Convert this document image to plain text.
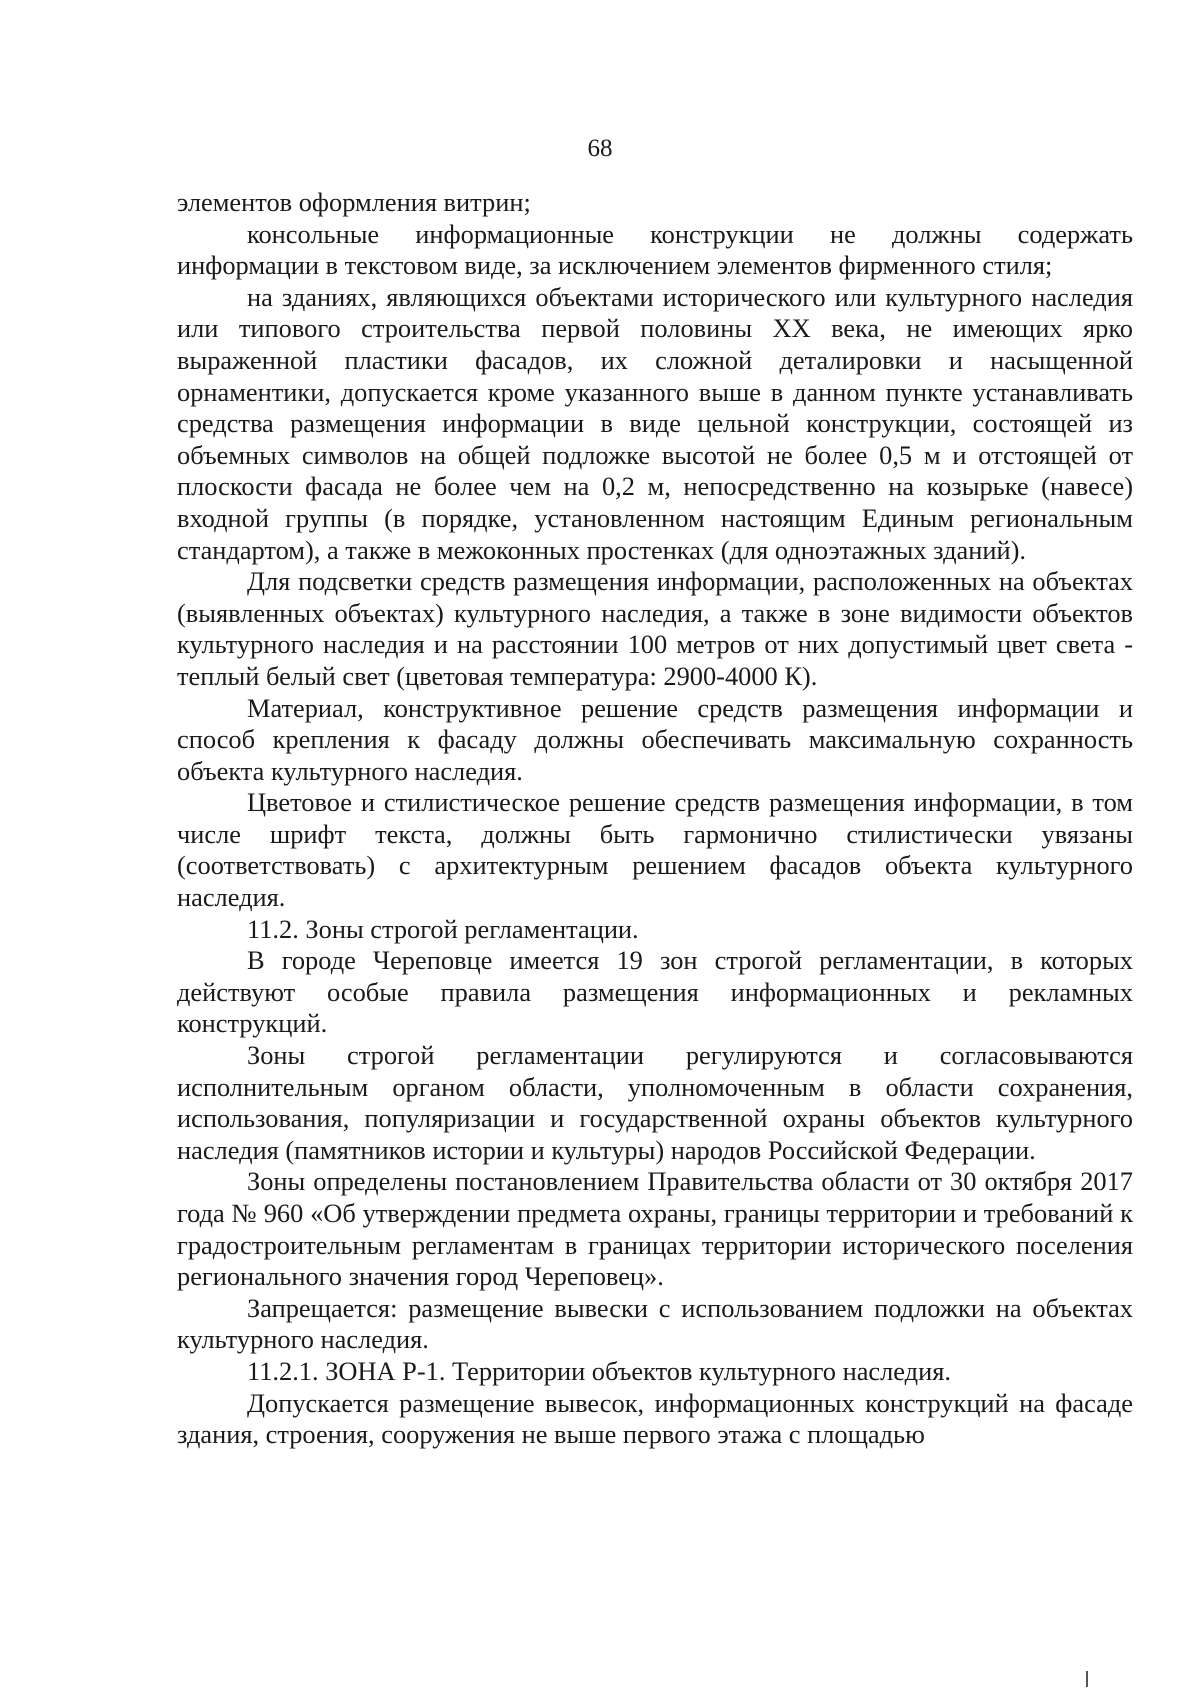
68

элементов оформления витрин;

консольные информационные конструкции не должны содержать информации в текстовом виде, за исключением элементов фирменного стиля;

на зданиях, являющихся объектами исторического или культурного наследия или типового строительства первой половины XX века, не имеющих ярко выраженной пластики фасадов, их сложной деталировки и насыщенной орнаментики, допускается кроме указанного выше в данном пункте устанавливать средства размещения информации в виде цельной конструкции, состоящей из объемных символов на общей подложке высотой не более 0,5 м и отстоящей от плоскости фасада не более чем на 0,2 м, непосредственно на козырьке (навесе) входной группы (в порядке, установленном настоящим Единым региональным стандартом), а также в межоконных простенках (для одноэтажных зданий).

Для подсветки средств размещения информации, расположенных на объектах (выявленных объектах) культурного наследия, а также в зоне видимости объектов культурного наследия и на расстоянии 100 метров от них допустимый цвет света - теплый белый свет (цветовая температура: 2900-4000 К).

Материал, конструктивное решение средств размещения информации и способ крепления к фасаду должны обеспечивать максимальную сохранность объекта культурного наследия.

Цветовое и стилистическое решение средств размещения информации, в том числе шрифт текста, должны быть гармонично стилистически увязаны (соответствовать) с архитектурным решением фасадов объекта культурного наследия.

11.2. Зоны строгой регламентации.

В городе Череповце имеется 19 зон строгой регламентации, в которых действуют особые правила размещения информационных и рекламных конструкций.

Зоны строгой регламентации регулируются и согласовываются исполнительным органом области, уполномоченным в области сохранения, использования, популяризации и государственной охраны объектов культурного наследия (памятников истории и культуры) народов Российской Федерации.

Зоны определены постановлением Правительства области от 30 октября 2017 года № 960 «Об утверждении предмета охраны, границы территории и требований к градостроительным регламентам в границах территории исторического поселения регионального значения город Череповец».

Запрещается: размещение вывески с использованием подложки на объектах культурного наследия.

11.2.1. ЗОНА Р-1. Территории объектов культурного наследия.

Допускается размещение вывесок, информационных конструкций на фасаде здания, строения, сооружения не выше первого этажа с площадью
